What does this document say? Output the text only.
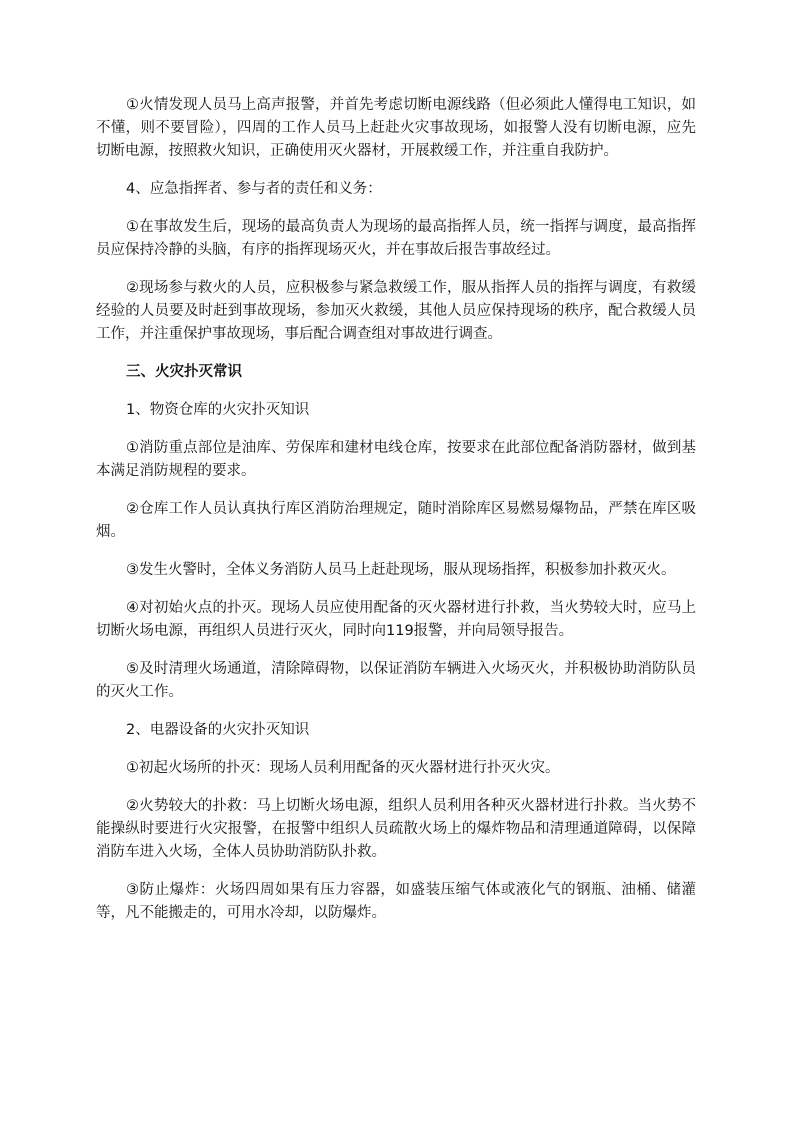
①火情发现人员马上高声报警，并首先考虑切断电源线路（但必须此人懂得电工知识，如不懂，则不要冒险），四周的工作人员马上赶赴火灾事故现场，如报警人没有切断电源，应先切断电源，按照救火知识，正确使用灭火器材，开展救缓工作，并注重自我防护。

4、应急指挥者、参与者的责任和义务：

①在事故发生后，现场的最高负责人为现场的最高指挥人员，统一指挥与调度，最高指挥员应保持冷静的头脑，有序的指挥现场灭火，并在事故后报告事故经过。

②现场参与救火的人员，应积极参与紧急救缓工作，服从指挥人员的指挥与调度，有救缓经验的人员要及时赶到事故现场，参加灭火救缓，其他人员应保持现场的秩序，配合救缓人员工作，并注重保护事故现场，事后配合调查组对事故进行调查。

三、火灾扑灭常识

1、物资仓库的火灾扑灭知识

①消防重点部位是油库、劳保库和建材电线仓库，按要求在此部位配备消防器材，做到基本满足消防规程的要求。

②仓库工作人员认真执行库区消防治理规定，随时消除库区易燃易爆物品，严禁在库区吸烟。

③发生火警时，全体义务消防人员马上赶赴现场，服从现场指挥，积极参加扑救灭火。

④对初始火点的扑灭。现场人员应使用配备的灭火器材进行扑救，当火势较大时，应马上切断火场电源，再组织人员进行灭火，同时向119报警，并向局领导报告。

⑤及时清理火场通道，清除障碍物，以保证消防车辆进入火场灭火，并积极协助消防队员的灭火工作。

2、电器设备的火灾扑灭知识

①初起火场所的扑灭：现场人员利用配备的灭火器材进行扑灭火灾。

②火势较大的扑救：马上切断火场电源，组织人员利用各种灭火器材进行扑救。当火势不能操纵时要进行火灾报警，在报警中组织人员疏散火场上的爆炸物品和清理通道障碍，以保障消防车进入火场，全体人员协助消防队扑救。

③防止爆炸：火场四周如果有压力容器，如盛装压缩气体或液化气的钢瓶、油桶、储灌等，凡不能搬走的，可用水冷却，以防爆炸。
